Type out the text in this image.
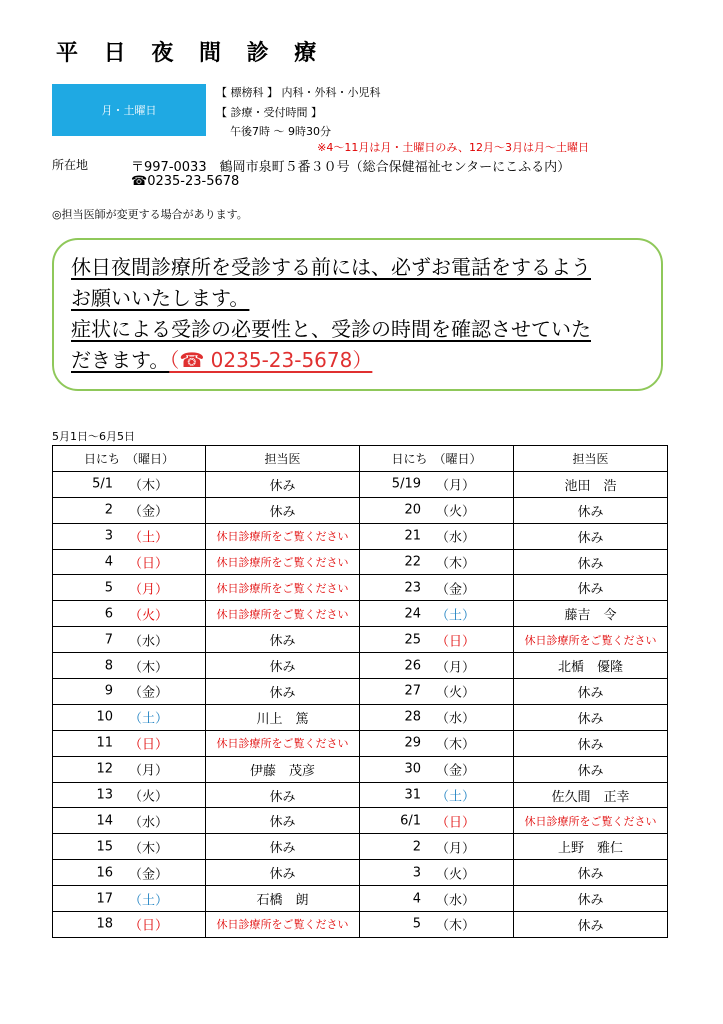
平 日 夜 間 診 療
月・土曜日
【 標榜科 】 内科・外科・小児科
【 診療・受付時間 】
午後7時 ～ 9時30分
※4～11月は月・土曜日のみ、12月～3月は月～土曜日
所在地	〒997-0033　鶴岡市泉町５番３０号（総合保健福祉センターにこふる内）
☎0235-23-5678
◎担当医師が変更する場合があります。
休日夜間診療所を受診する前には、必ずお電話をするよう
お願いいたします。
症状による受診の必要性と、受診の時間を確認させていた
だきます。（☎ 0235-23-5678）
5月1日～6月5日
日にち　（曜日）	担当医	日にち　（曜日）	担当医

5/1 （木）	休み	5/19 （月）	池田　浩

2 （金）	休み	20 （火）	休み

3 （土）	休日診療所をご覧ください	21 （水）	休み

4 （日）	休日診療所をご覧ください	22 （木）	休み

5 （月）	休日診療所をご覧ください	23 （金）	休み

6 （火）	休日診療所をご覧ください	24 （土）	藤吉　令

7 （水）	休み	25 （日）	休日診療所をご覧ください

8 （木）	休み	26 （月）	北楯　優隆

9 （金）	休み	27 （火）	休み

10 （土）	川上　篤	28 （水）	休み

11 （日）	休日診療所をご覧ください	29 （木）	休み

12 （月）	伊藤　茂彦	30 （金）	休み

13 （火）	休み	31 （土）	佐久間　正幸

14 （水）	休み	6/1 （日）	休日診療所をご覧ください

15 （木）	休み	2 （月）	上野　雅仁

16 （金）	休み	3 （火）	休み

17 （土）	石橋　朗	4 （水）	休み

18 （日）	休日診療所をご覧ください	5 （木）	休み
